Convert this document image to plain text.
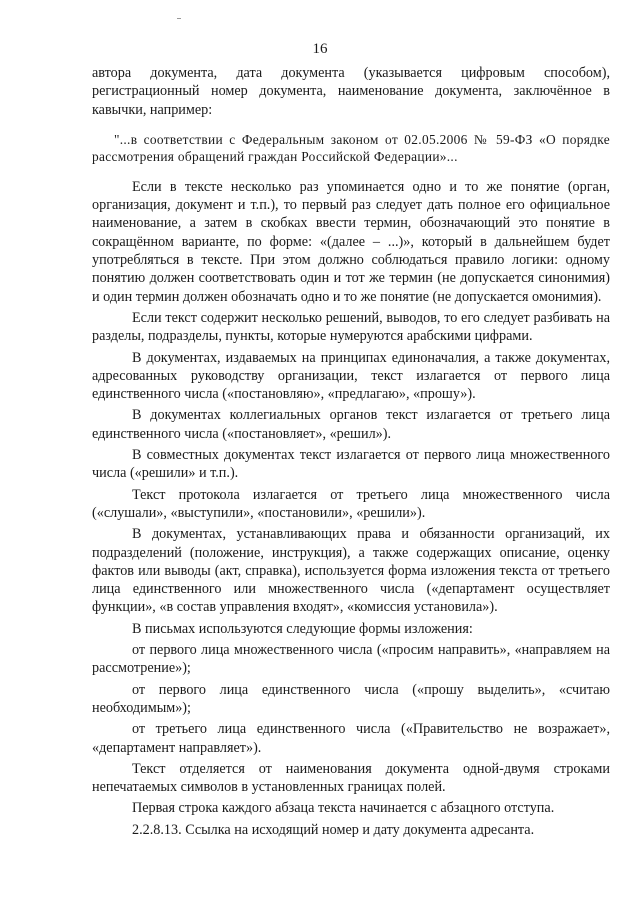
16

автора документа, дата документа (указывается цифровым способом), регистрационный номер документа, наименование документа, заключённое в кавычки, например:

"...в соответствии с Федеральным законом от 02.05.2006 № 59-ФЗ «О порядке рассмотрения обращений граждан Российской Федерации»...

Если в тексте несколько раз упоминается одно и то же понятие (орган, организация, документ и т.п.), то первый раз следует дать полное его официальное наименование, а затем в скобках ввести термин, обозначающий это понятие в сокращённом варианте, по форме: «(далее – ...)», который в дальнейшем будет употребляться в тексте. При этом должно соблюдаться правило логики: одному понятию должен соответствовать один и тот же термин (не допускается синонимия) и один термин должен обозначать одно и то же понятие (не допускается омонимия).

Если текст содержит несколько решений, выводов, то его следует разбивать на разделы, подразделы, пункты, которые нумеруются арабскими цифрами.

В документах, издаваемых на принципах единоначалия, а также документах, адресованных руководству организации, текст излагается от первого лица единственного числа («постановляю», «предлагаю», «прошу»).

В документах коллегиальных органов текст излагается от третьего лица единственного числа («постановляет», «решил»).

В совместных документах текст излагается от первого лица множественного числа («решили» и т.п.).

Текст протокола излагается от третьего лица множественного числа («слушали», «выступили», «постановили», «решили»).

В документах, устанавливающих права и обязанности организаций, их подразделений (положение, инструкция), а также содержащих описание, оценку фактов или выводы (акт, справка), используется форма изложения текста от третьего лица единственного или множественного числа («департамент осуществляет функции», «в состав управления входят», «комиссия установила»).

В письмах используются следующие формы изложения:

от первого лица множественного числа («просим направить», «направляем на рассмотрение»);

от первого лица единственного числа («прошу выделить», «считаю необходимым»);

от третьего лица единственного числа («Правительство не возражает», «департамент направляет»).

Текст отделяется от наименования документа одной-двумя строками непечатаемых символов в установленных границах полей.

Первая строка каждого абзаца текста начинается с абзацного отступа.

2.2.8.13. Ссылка на исходящий номер и дату документа адресанта.
